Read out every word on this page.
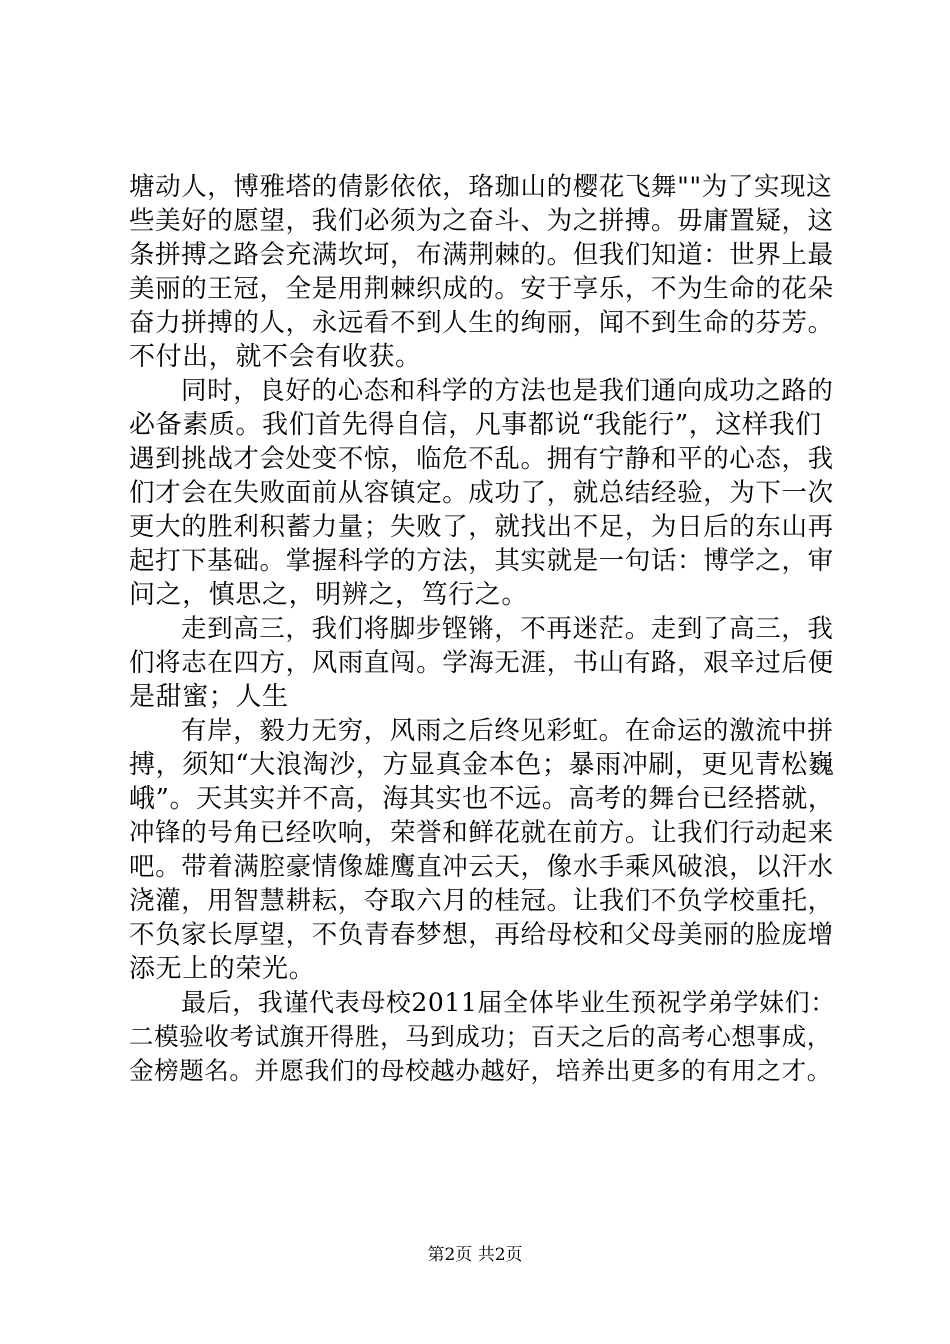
塘动人，博雅塔的倩影依依，珞珈山的樱花飞舞""为了实现这
些美好的愿望，我们必须为之奋斗、为之拼搏。毋庸置疑，这
条拼搏之路会充满坎坷，布满荆棘的。但我们知道：世界上最
美丽的王冠，全是用荆棘织成的。安于享乐，不为生命的花朵
奋力拼搏的人，永远看不到人生的绚丽，闻不到生命的芬芳。
不付出，就不会有收获。
同时，良好的心态和科学的方法也是我们通向成功之路的
必备素质。我们首先得自信，凡事都说“我能行”，这样我们
遇到挑战才会处变不惊，临危不乱。拥有宁静和平的心态，我
们才会在失败面前从容镇定。成功了，就总结经验，为下一次
更大的胜利积蓄力量；失败了，就找出不足，为日后的东山再
起打下基础。掌握科学的方法，其实就是一句话：博学之，审
问之，慎思之，明辨之，笃行之。
走到高三，我们将脚步铿锵，不再迷茫。走到了高三，我
们将志在四方，风雨直闯。学海无涯，书山有路，艰辛过后便
是甜蜜；人生
有岸，毅力无穷，风雨之后终见彩虹。在命运的激流中拼
搏，须知“大浪淘沙，方显真金本色；暴雨冲刷，更见青松巍
峨”。天其实并不高，海其实也不远。高考的舞台已经搭就，
冲锋的号角已经吹响，荣誉和鲜花就在前方。让我们行动起来
吧。带着满腔豪情像雄鹰直冲云天，像水手乘风破浪，以汗水
浇灌，用智慧耕耘，夺取六月的桂冠。让我们不负学校重托，
不负家长厚望，不负青春梦想，再给母校和父母美丽的脸庞增
添无上的荣光。
最后，我谨代表母校2011届全体毕业生预祝学弟学妹们：
二模验收考试旗开得胜，马到成功；百天之后的高考心想事成，
金榜题名。并愿我们的母校越办越好，培养出更多的有用之才。
第2页 共2页
